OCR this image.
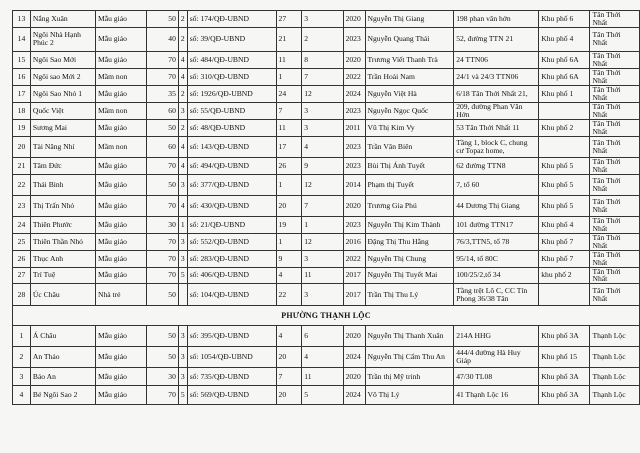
13	Nắng Xuân	Mẫu giáo	50	2	số: 174/QĐ-UBND	27	3	2020	Nguyễn Thị Giang	198 phan văn hớn	Khu phố 6	Tân Thới Nhất
14	Ngôi Nhà Hạnh Phúc 2	Mẫu giáo	40	2	số: 39/QĐ-UBND	21	2	2023	Nguyễn Quang Thái	52, đường TTN 21	Khu phố 4	Tân Thới Nhất
15	Ngôi Sao Mới	Mẫu giáo	70	4	số: 484/QĐ-UBND	11	8	2020	Trương Viết Thanh Trà	24 TTN06	Khu phố 6A	Tân Thới Nhất
16	Ngôi sao Mới 2	Mầm non	70	4	số: 310/QĐ-UBND	1	7	2022	Trần Hoài Nam	24/1 và 24/3 TTN06	Khu phố 6A	Tân Thới Nhất
17	Ngôi Sao Nhỏ 1	Mẫu giáo	35	2	số: 1926/QĐ-UBND	24	12	2024	Nguyễn Việt Hà	6/18 Tân Thới Nhất 21,	Khu phố 1	Tân Thới Nhất
18	Quốc Việt	Mầm non	60	3	số: 55/QĐ-UBND	7	3	2023	Nguyễn Ngọc Quốc	209, đường Phan Văn Hớn		Tân Thới Nhất
19	Sương Mai	Mẫu giáo	50	2	số: 48/QĐ-UBND	11	3	2011	Vũ Thị Kim Vy	53 Tân Thới Nhất 11	Khu phố 2	Tân Thới Nhất
20	Tài Năng Nhí	Mầm non	60	4	số: 143/QĐ-UBND	17	4	2023	Trần Văn Biên	Tầng 1, block C, chung cư Topaz home,		Tân Thới Nhất
21	Tâm Đức	Mẫu giáo	70	4	số: 494/QĐ-UBND	26	9	2023	Bùi Thị Ánh Tuyết	62 đường TTN8	Khu phố 5	Tân Thới Nhất
22	Thái Bình	Mẫu giáo	50	3	số: 377/QĐ-UBND	1	12	2014	Phạm thị Tuyết	7, tổ 60	Khu phố 5	Tân Thới Nhất
23	Thị Trấn Nhỏ	Mẫu giáo	70	4	số: 430/QĐ-UBND	20	7	2020	Trương Gia Phú	44 Dương Thị Giang	Khu phố 5	Tân Thới Nhất
24	Thiên Phước	Mẫu giáo	30	1	số: 21/QĐ-UBND	19	1	2023	Nguyễn Thị Kim Thành	101 đường TTN17	Khu phố 4	Tân Thới Nhất
25	Thiên Thần Nhỏ	Mẫu giáo	70	3	số: 552/QĐ-UBND	1	12	2016	Đặng Thị Thu Hằng	76/3,TTN5, tổ 78	Khu phố 7	Tân Thới Nhất
26	Thục Anh	Mẫu giáo	70	3	số: 283/QĐ-UBND	9	3	2022	Nguyễn Thị Chung	95/14, tổ 80C	Khu phố 7	Tân Thới Nhất
27	Trí Tuệ	Mẫu giáo	70	5	số: 406/QĐ-UBND	4	11	2017	Nguyễn Thị Tuyết Mai	100/25/2,tổ 34	khu phố 2	Tân Thới Nhất
28	Úc Châu	Nhà trẻ	50		số: 104/QĐ-UBND	22	3	2017	Trần Thị Thu Lý	Tầng trệt Lô C, CC Tín Phong 36/38 Tân		Tân Thới Nhất
PHƯỜNG THẠNH LỘC												
1	Á Châu	Mẫu giáo	50	3	số: 395/QĐ-UBND	4	6	2020	Nguyễn Thị Thanh Xuân	214A HHG	Khu phố 3A	Thạnh Lộc
2	An Thảo	Mẫu giáo	50	3	số: 1054/QĐ-UBND	20	4	2024	Nguyễn Thị Cẩm Thu An	444/4 đường Hà Huy Giáp	Khu phố 15	Thạnh Lộc
3	Bảo An	Mẫu giáo	30	3	số: 735/QĐ-UBND	7	11	2020	Trần thị Mỹ trinh	47/30 TL08	Khu phố 3A	Thạnh Lộc
4	Bé Ngôi Sao 2	Mẫu giáo	70	5	số: 569/QĐ-UBND	20	5	2024	Võ Thị Lý	41 Thạnh Lộc 16	Khu phố 3A	Thạnh Lộc
